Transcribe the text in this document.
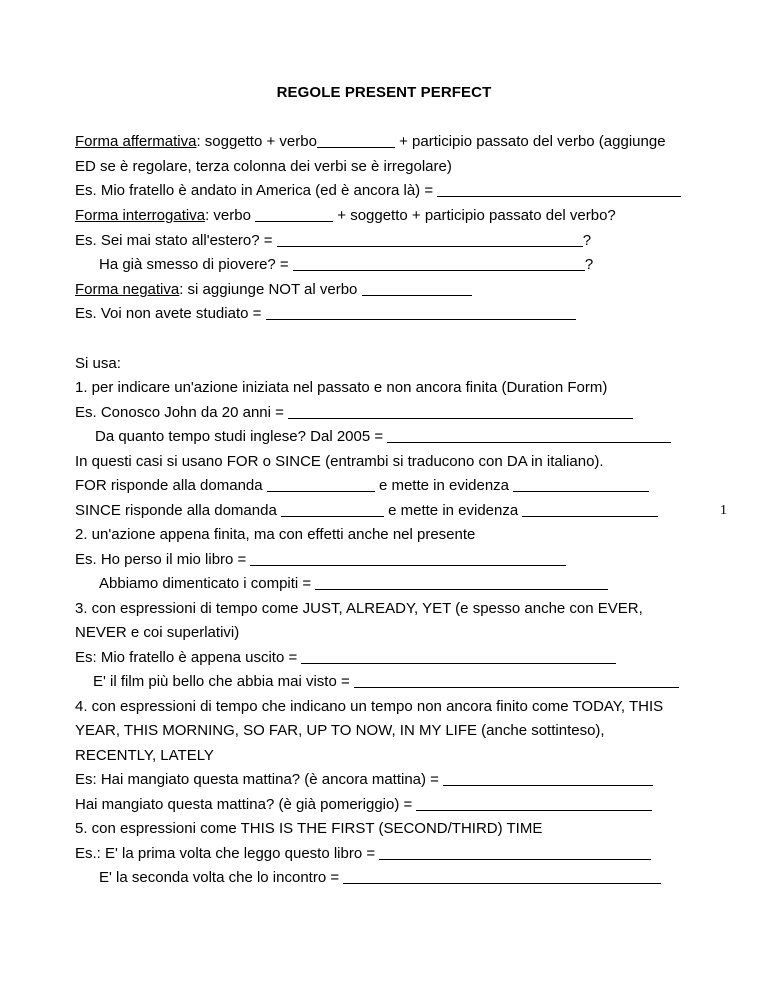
REGOLE PRESENT PERFECT
Forma affermativa: soggetto + verbo	+ participio passato del verbo (aggiunge
ED se è regolare, terza colonna dei verbi se è irregolare)
Es. Mio fratello è andato in America (ed è ancora là) =
Forma interrogativa: verbo	+ soggetto + participio passato del verbo?
Es. Sei mai stato all'estero? =	?
Ha già smesso di piovere? =	?
Forma negativa: si aggiunge NOT al verbo
Es. Voi non avete studiato =
Si usa:
1. per indicare un'azione iniziata nel passato e non ancora finita (Duration Form)
Es. Conosco John da 20 anni =
Da quanto tempo studi inglese? Dal 2005 =
In questi casi si usano FOR o SINCE (entrambi si traducono con DA in italiano).
FOR risponde alla domanda	e mette in evidenza
SINCE risponde alla domanda	e mette in evidenza
2. un'azione appena finita, ma con effetti anche nel presente
Es. Ho perso il mio libro =
Abbiamo dimenticato i compiti =
3. con espressioni di tempo come JUST, ALREADY, YET (e spesso anche con EVER,
NEVER e coi superlativi)
Es: Mio fratello è appena uscito =
E' il film più bello che abbia mai visto =
4. con espressioni di tempo che indicano un tempo non ancora finito come TODAY, THIS
YEAR, THIS MORNING, SO FAR, UP TO NOW, IN MY LIFE (anche sottinteso),
RECENTLY, LATELY
Es: Hai mangiato questa mattina? (è ancora mattina) =
Hai mangiato questa mattina? (è già pomeriggio) =
5. con espressioni come THIS IS THE FIRST (SECOND/THIRD) TIME
Es.: E' la prima volta che leggo questo libro =
E' la seconda volta che lo incontro =
1
